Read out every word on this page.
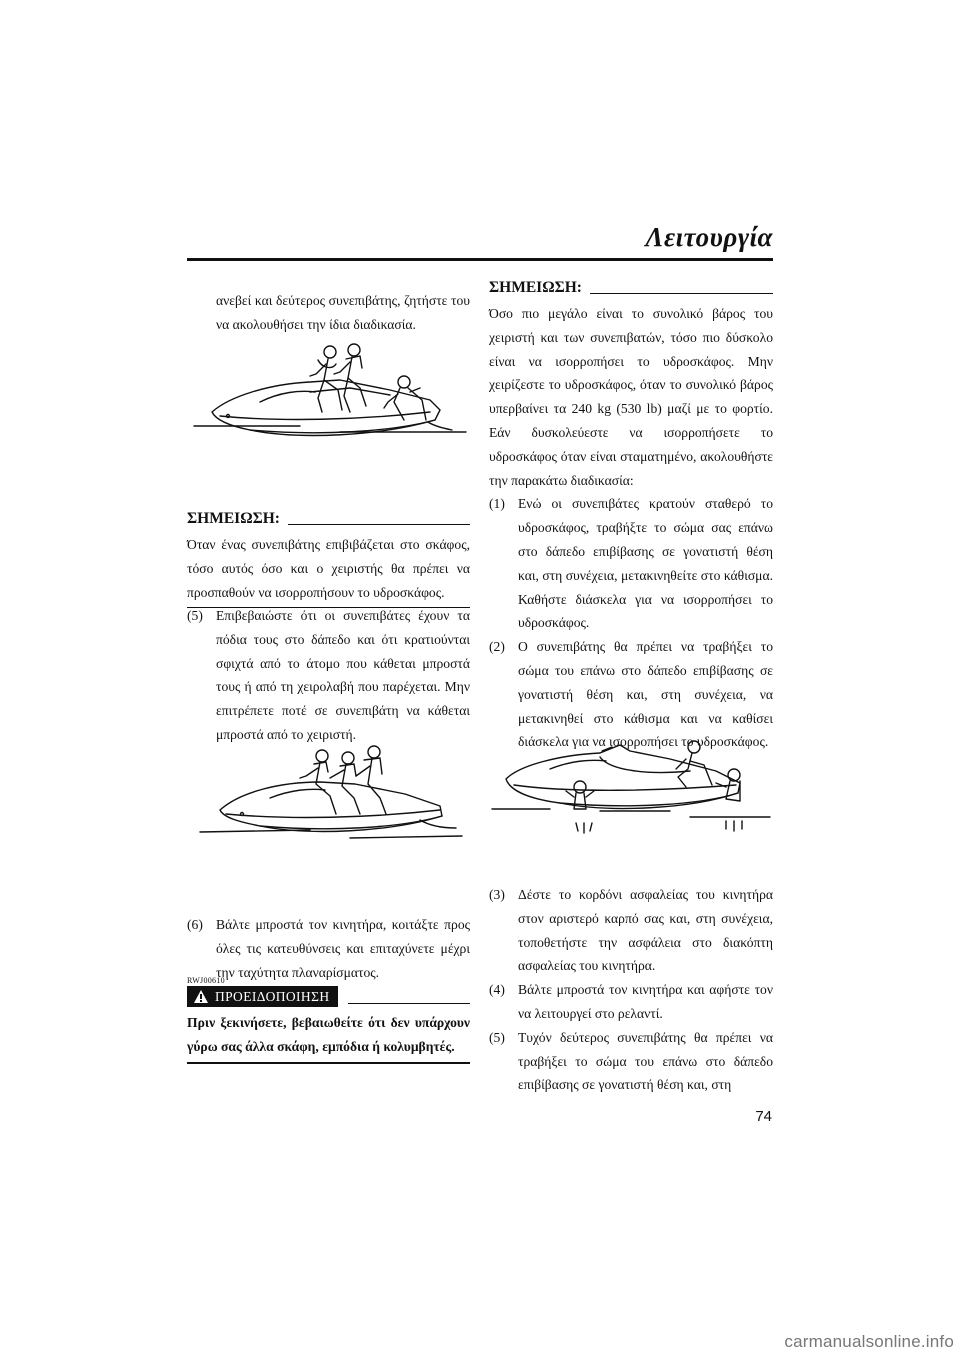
Λειτουργία

ανεβεί και δεύτερος συνεπιβάτης, ζητήστε του να ακολουθήσει την ίδια διαδικασία.

ΣΗΜΕΙΩΣΗ:

Όταν ένας συνεπιβάτης επιβιβάζεται στο σκάφος, τόσο αυτός όσο και ο χειριστής θα πρέπει να προσπαθούν να ισορροπήσουν το υδροσκάφος.

(5) Επιβεβαιώστε ότι οι συνεπιβάτες έχουν τα πόδια τους στο δάπεδο και ότι κρατιούνται σφιχτά από το άτομο που κάθεται μπροστά τους ή από τη χειρολαβή που παρέχεται. Μην επιτρέπετε ποτέ σε συνεπιβάτη να κάθεται μπροστά από το χειριστή.
(6) Βάλτε μπροστά τον κινητήρα, κοιτάξτε προς όλες τις κατευθύνσεις και επιταχύνετε μέχρι την ταχύτητα πλαναρίσματος.
RWJ00610
ΠΡΟΕΙΔΟΠΟΙΗΣΗ
Πριν ξεκινήσετε, βεβαιωθείτε ότι δεν υπάρχουν γύρω σας άλλα σκάφη, εμπόδια ή κολυμβητές.
ΣΗΜΕΙΩΣΗ:

Όσο πιο μεγάλο είναι το συνολικό βάρος του χειριστή και των συνεπιβατών, τόσο πιο δύσκολο είναι να ισορροπήσει το υδροσκάφος. Μην χειρίζεστε το υδροσκάφος, όταν το συνολικό βάρος υπερβαίνει τα 240 kg (530 lb) μαζί με το φορτίο. Εάν δυσκολεύεστε να ισορροπήσετε το υδροσκάφος όταν είναι σταματημένο, ακολουθήστε την παρακάτω διαδικασία:

(1) Ενώ οι συνεπιβάτες κρατούν σταθερό το υδροσκάφος, τραβήξτε το σώμα σας επάνω στο δάπεδο επιβίβασης σε γονατιστή θέση και, στη συνέχεια, μετακινηθείτε στο κάθισμα. Καθήστε διάσκελα για να ισορροπήσει το υδροσκάφος.
(2) Ο συνεπιβάτης θα πρέπει να τραβήξει το σώμα του επάνω στο δάπεδο επιβίβασης σε γονατιστή θέση και, στη συνέχεια, να μετακινηθεί στο κάθισμα και να καθίσει διάσκελα για να ισορροπήσει το υδροσκάφος.
(3) Δέστε το κορδόνι ασφαλείας του κινητήρα στον αριστερό καρπό σας και, στη συνέχεια, τοποθετήστε την ασφάλεια στο διακόπτη ασφαλείας του κινητήρα.
(4) Βάλτε μπροστά τον κινητήρα και αφήστε τον να λειτουργεί στο ρελαντί.
(5) Τυχόν δεύτερος συνεπιβάτης θα πρέπει να τραβήξει το σώμα του επάνω στο δάπεδο επιβίβασης σε γονατιστή θέση και, στη
74
carmanualsonline.info
